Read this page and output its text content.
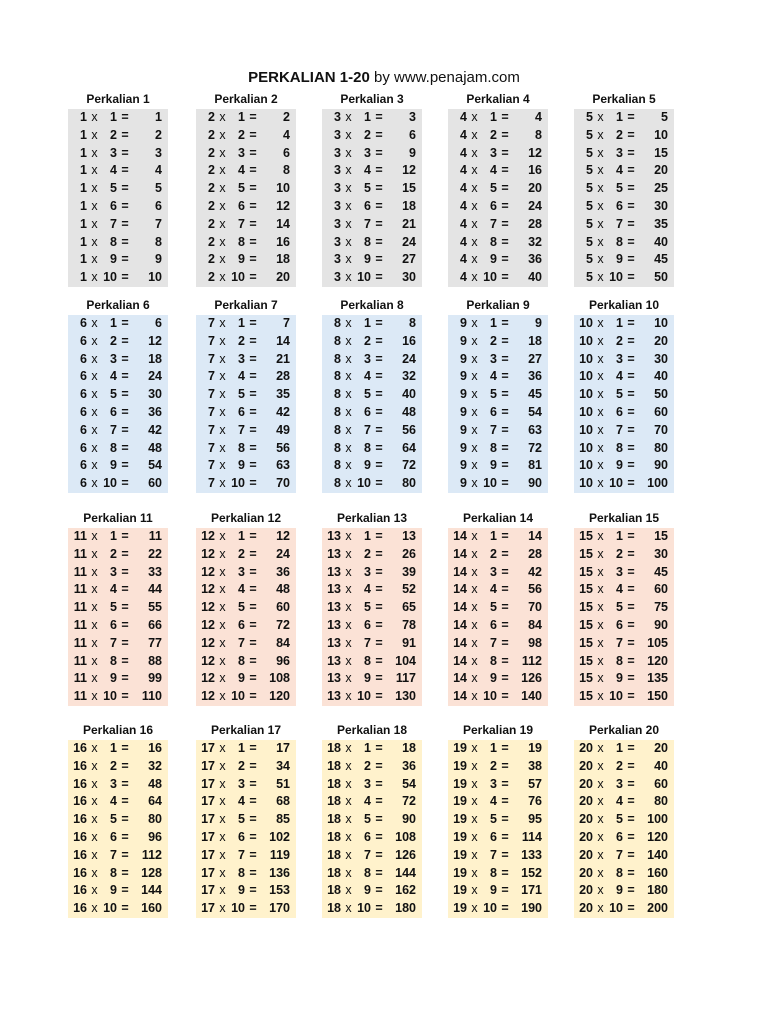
PERKALIAN 1-20 by www.penajam.com
Perkalian 1
1 x 1 =	1
1 x 2 =	2
1 x 3 =	3
1 x 4 =	4
1 x 5 =	5
1 x 6 =	6
1 x 7 =	7
1 x 8 =	8
1 x 9 =	9
1 x 10 =	10
Perkalian 2
2 x 1 =	2
2 x 2 =	4
2 x 3 =	6
2 x 4 =	8
2 x 5 =	10
2 x 6 =	12
2 x 7 =	14
2 x 8 =	16
2 x 9 =	18
2 x 10 =	20
Perkalian 3
3 x 1 =	3
3 x 2 =	6
3 x 3 =	9
3 x 4 =	12
3 x 5 =	15
3 x 6 =	18
3 x 7 =	21
3 x 8 =	24
3 x 9 =	27
3 x 10 =	30
Perkalian 4
4 x 1 =	4
4 x 2 =	8
4 x 3 =	12
4 x 4 =	16
4 x 5 =	20
4 x 6 =	24
4 x 7 =	28
4 x 8 =	32
4 x 9 =	36
4 x 10 =	40
Perkalian 5
5 x 1 =	5
5 x 2 =	10
5 x 3 =	15
5 x 4 =	20
5 x 5 =	25
5 x 6 =	30
5 x 7 =	35
5 x 8 =	40
5 x 9 =	45
5 x 10 =	50
Perkalian 6
6 x 1 =	6
6 x 2 =	12
6 x 3 =	18
6 x 4 =	24
6 x 5 =	30
6 x 6 =	36
6 x 7 =	42
6 x 8 =	48
6 x 9 =	54
6 x 10 =	60
Perkalian 7
7 x 1 =	7
7 x 2 =	14
7 x 3 =	21
7 x 4 =	28
7 x 5 =	35
7 x 6 =	42
7 x 7 =	49
7 x 8 =	56
7 x 9 =	63
7 x 10 =	70
Perkalian 8
8 x 1 =	8
8 x 2 =	16
8 x 3 =	24
8 x 4 =	32
8 x 5 =	40
8 x 6 =	48
8 x 7 =	56
8 x 8 =	64
8 x 9 =	72
8 x 10 =	80
Perkalian 9
9 x 1 =	9
9 x 2 =	18
9 x 3 =	27
9 x 4 =	36
9 x 5 =	45
9 x 6 =	54
9 x 7 =	63
9 x 8 =	72
9 x 9 =	81
9 x 10 =	90
Perkalian 10
10 x 1 =	10
10 x 2 =	20
10 x 3 =	30
10 x 4 =	40
10 x 5 =	50
10 x 6 =	60
10 x 7 =	70
10 x 8 =	80
10 x 9 =	90
10 x 10 = 100
Perkalian 11
11 x 1 =	11
11 x 2 =	22
11 x 3 =	33
11 x 4 =	44
11 x 5 =	55
11 x 6 =	66
11 x 7 =	77
11 x 8 =	88
11 x 9 =	99
11 x 10 =	110
Perkalian 12
12 x 1 =	12
12 x 2 =	24
12 x 3 =	36
12 x 4 =	48
12 x 5 =	60
12 x 6 =	72
12 x 7 =	84
12 x 8 =	96
12 x 9 = 108
12 x 10 = 120
Perkalian 13
13 x 1 =	13
13 x 2 =	26
13 x 3 =	39
13 x 4 =	52
13 x 5 =	65
13 x 6 =	78
13 x 7 =	91
13 x 8 = 104
13 x 9 =	117
13 x 10 = 130
Perkalian 14
14 x 1 =	14
14 x 2 =	28
14 x 3 =	42
14 x 4 =	56
14 x 5 =	70
14 x 6 =	84
14 x 7 =	98
14 x 8 =	112
14 x 9 = 126
14 x 10 = 140
Perkalian 15
15 x 1 =	15
15 x 2 =	30
15 x 3 =	45
15 x 4 =	60
15 x 5 =	75
15 x 6 =	90
15 x 7 = 105
15 x 8 = 120
15 x 9 = 135
15 x 10 = 150
Perkalian 16
16 x 1 =	16
16 x 2 =	32
16 x 3 =	48
16 x 4 =	64
16 x 5 =	80
16 x 6 =	96
16 x 7 =	112
16 x 8 = 128
16 x 9 = 144
16 x 10 = 160
Perkalian 17
17 x 1 =	17
17 x 2 =	34
17 x 3 =	51
17 x 4 =	68
17 x 5 =	85
17 x 6 = 102
17 x 7 =	119
17 x 8 = 136
17 x 9 = 153
17 x 10 = 170
Perkalian 18
18 x 1 =	18
18 x 2 =	36
18 x 3 =	54
18 x 4 =	72
18 x 5 =	90
18 x 6 = 108
18 x 7 = 126
18 x 8 = 144
18 x 9 = 162
18 x 10 = 180
Perkalian 19
19 x 1 =	19
19 x 2 =	38
19 x 3 =	57
19 x 4 =	76
19 x 5 =	95
19 x 6 =	114
19 x 7 = 133
19 x 8 = 152
19 x 9 = 171
19 x 10 = 190
Perkalian 20
20 x 1 =	20
20 x 2 =	40
20 x 3 =	60
20 x 4 =	80
20 x 5 = 100
20 x 6 = 120
20 x 7 = 140
20 x 8 = 160
20 x 9 = 180
20 x 10 = 200
